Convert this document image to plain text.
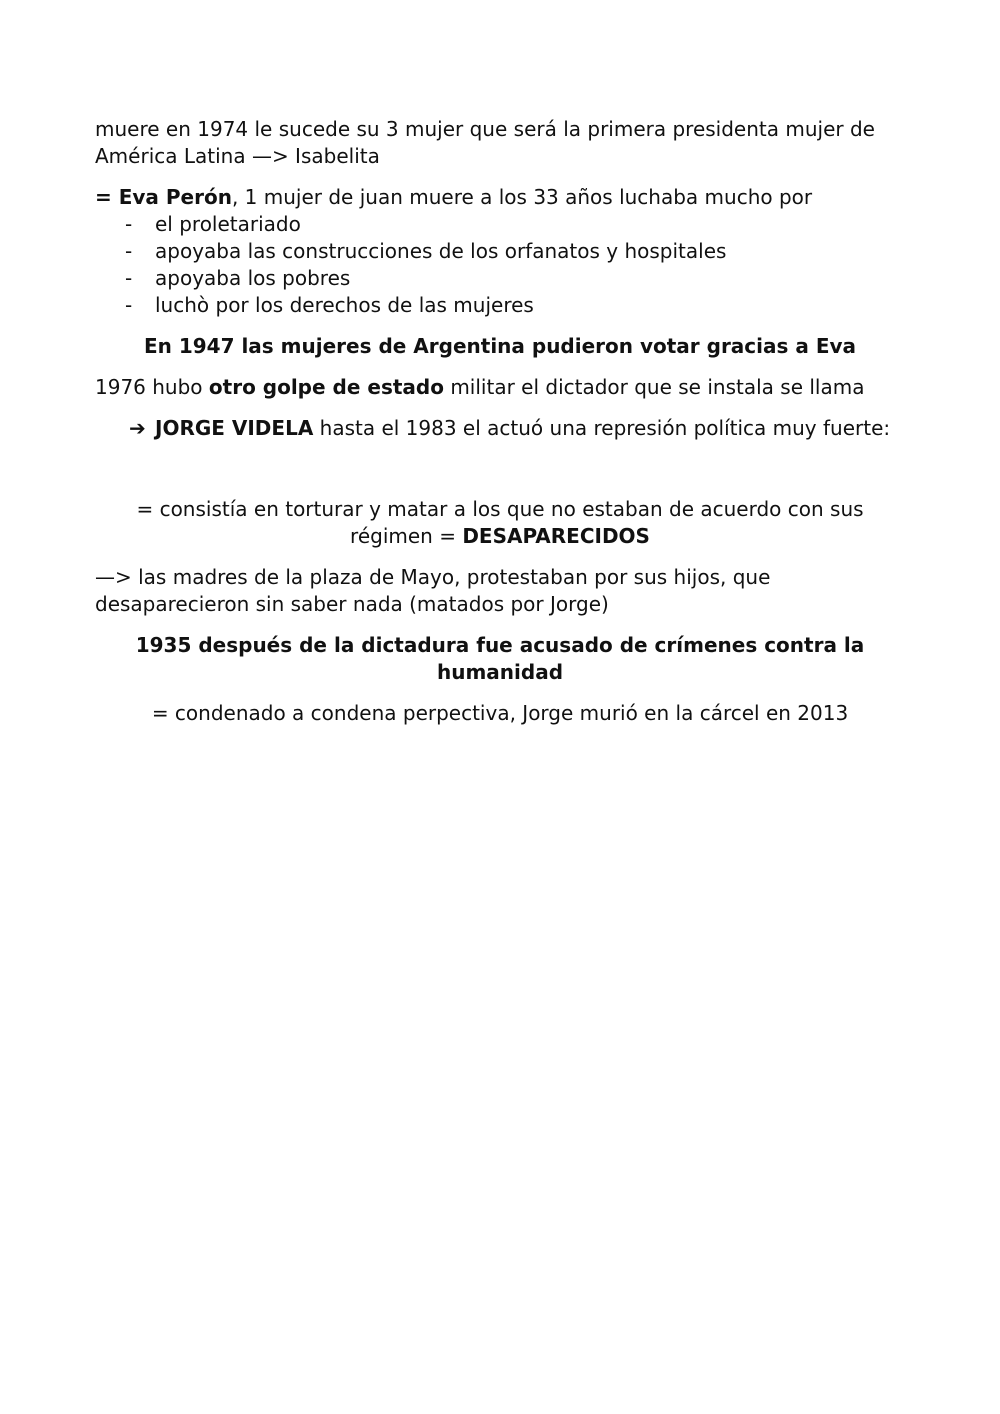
muere en 1974 le sucede su 3 mujer que será la primera presidenta mujer de América Latina —> Isabelita

= Eva Perón, 1 mujer de juan muere a los 33 años luchaba mucho por

- el proletariado
- apoyaba las construcciones de los orfanatos y hospitales
- apoyaba los pobres
- luchò por los derechos de las mujeres

En 1947 las mujeres de Argentina pudieron votar gracias a Eva

1976 hubo otro golpe de estado militar el dictador que se instala se llama

➔ JORGE VIDELA hasta el 1983 el actuó una represión política muy fuerte:

= consistía en torturar y matar a los que no estaban de acuerdo con sus régimen = DESAPARECIDOS

—> las madres de la plaza de Mayo, protestaban por sus hijos, que desaparecieron sin saber nada (matados por Jorge)

1935 después de la dictadura fue acusado de crímenes contra la humanidad

= condenado a condena perpectiva, Jorge murió en la cárcel en 2013
